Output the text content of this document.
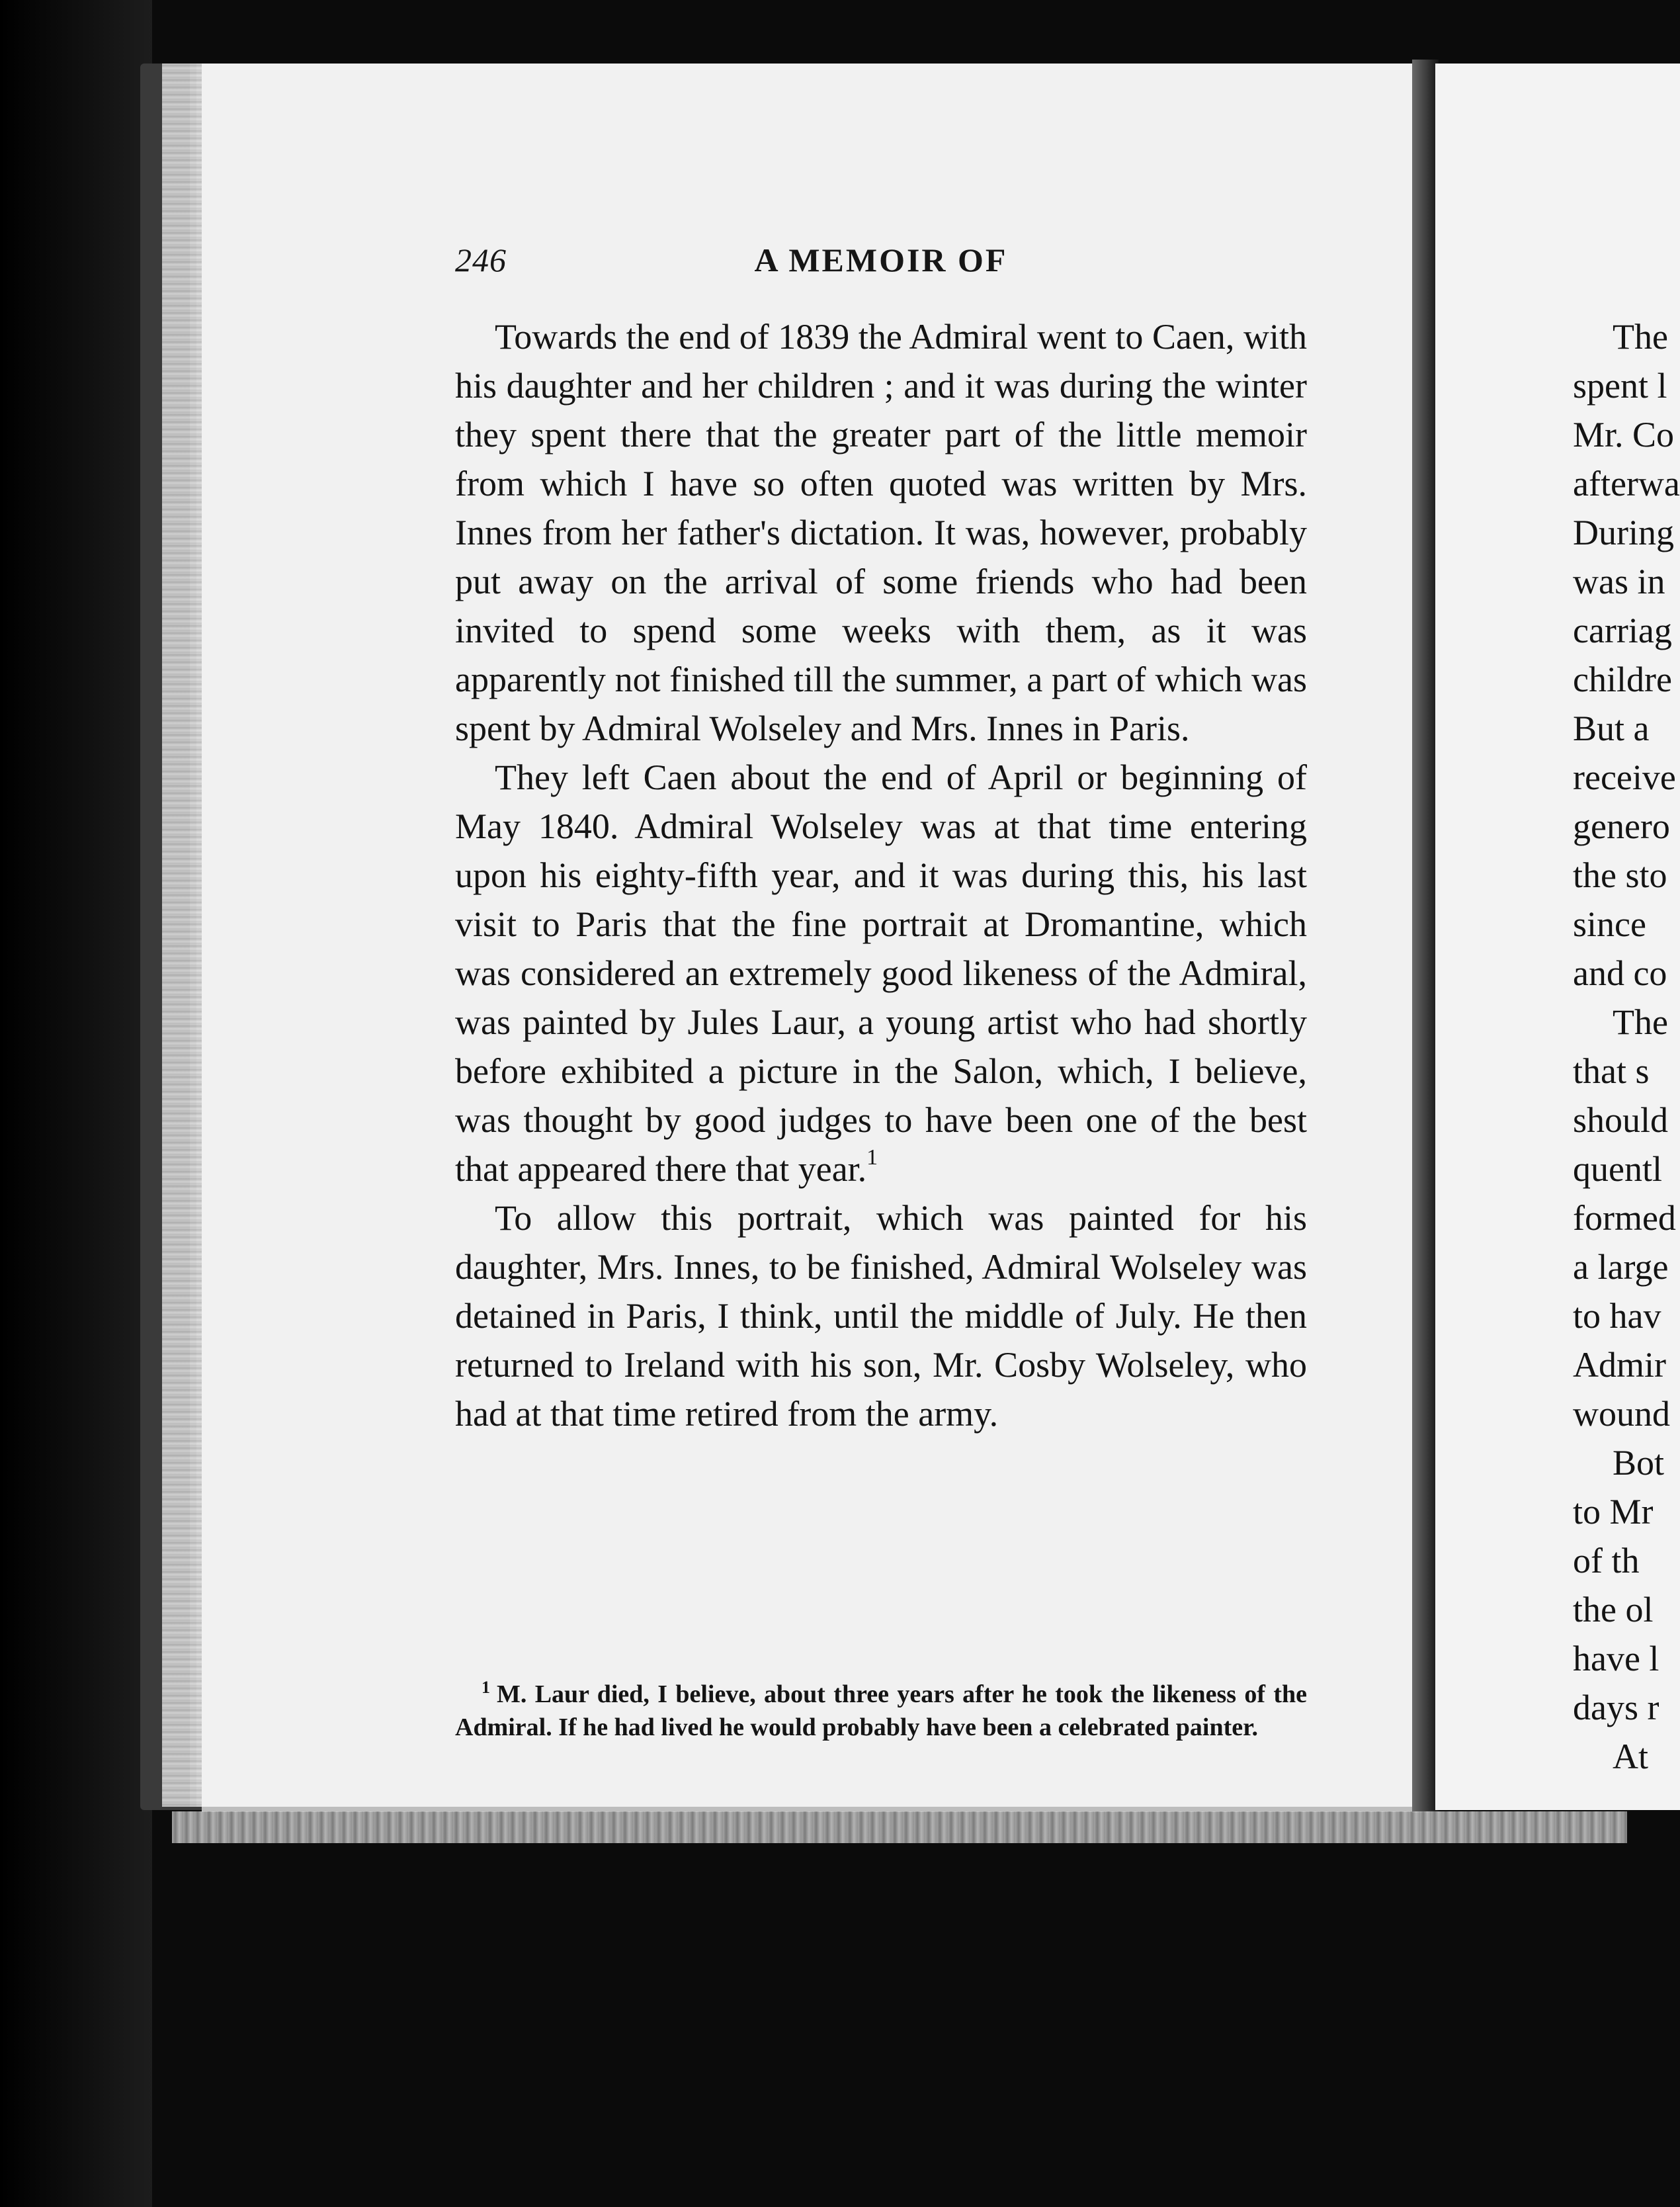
246	A MEMOIR OF

Towards the end of 1839 the Admiral went to Caen, with his daughter and her children ; and it was during the winter they spent there that the greater part of the little memoir from which I have so often quoted was written by Mrs. Innes from her father's dictation. It was, however, probably put away on the arrival of some friends who had been invited to spend some weeks with them, as it was apparently not finished till the summer, a part of which was spent by Admiral Wolseley and Mrs. Innes in Paris.

They left Caen about the end of April or beginning of May 1840. Admiral Wolseley was at that time entering upon his eighty-fifth year, and it was during this, his last visit to Paris that the fine portrait at Dromantine, which was considered an extremely good likeness of the Admiral, was painted by Jules Laur, a young artist who had shortly before exhibited a picture in the Salon, which, I believe, was thought by good judges to have been one of the best that appeared there that year.$^1$

To allow this portrait, which was painted for his daughter, Mrs. Innes, to be finished, Admiral Wolseley was detained in Paris, I think, until the middle of July. He then returned to Ireland with his son, Mr. Cosby Wolseley, who had at that time retired from the army.

$^1$ M. Laur died, I believe, about three years after he took the likeness of the Admiral. If he had lived he would probably have been a celebrated painter.

The
spent l
Mr. Co
afterwa
During
was in
carriag
childre
But a
receive
genero
the sto
since
and co
The
that s
should
quentl
formed
a large
to hav
Admir
wound
Bot
to Mr
of th
the ol
have l
days r
At
